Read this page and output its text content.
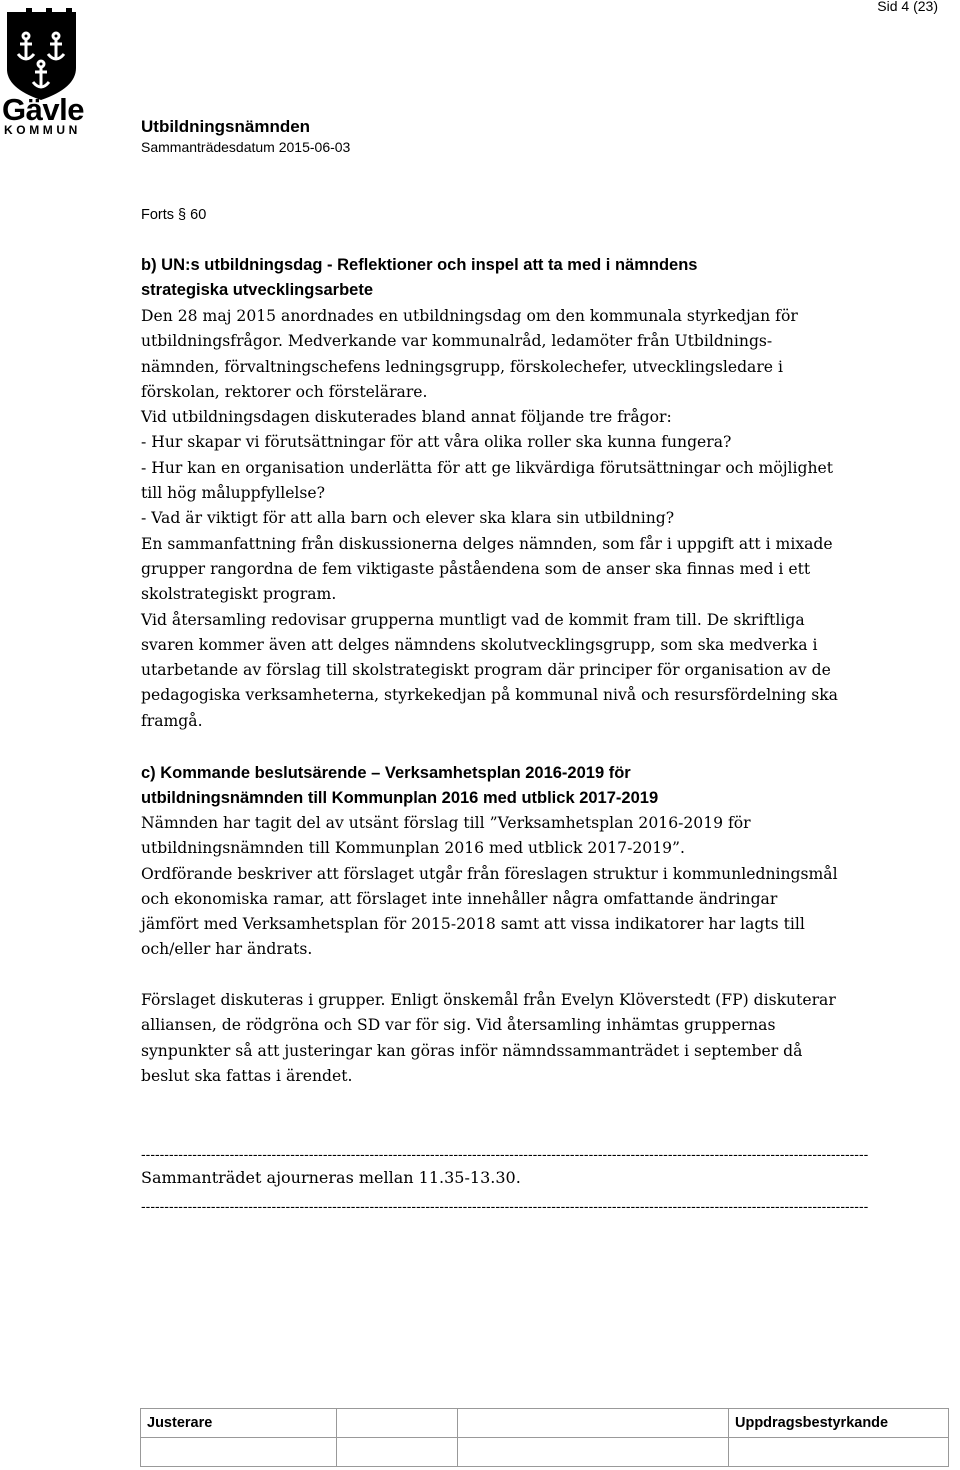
Sid 4 (23)
Gävle
KOMMUN	Utbildningsnämnden
Sammanträdesdatum 2015-06-03
Forts § 60
b) UN:s utbildningsdag - Reflektioner och inspel att ta med i nämndens
strategiska utvecklingsarbete

Den 28 maj 2015 anordnades en utbildningsdag om den kommunala styrkedjan för

utbildningsfrågor. Medverkande var kommunalråd, ledamöter från Utbildnings-

nämnden, förvaltningschefens ledningsgrupp, förskolechefer, utvecklingsledare i

förskolan, rektorer och förstelärare.

Vid utbildningsdagen diskuterades bland annat följande tre frågor:

- Hur skapar vi förutsättningar för att våra olika roller ska kunna fungera?

- Hur kan en organisation underlätta för att ge likvärdiga förutsättningar och möjlighet

till hög måluppfyllelse?

- Vad är viktigt för att alla barn och elever ska klara sin utbildning?

En sammanfattning från diskussionerna delges nämnden, som får i uppgift att i mixade

grupper rangordna de fem viktigaste påståendena som de anser ska finnas med i ett

skolstrategiskt program.

Vid återsamling redovisar grupperna muntligt vad de kommit fram till. De skriftliga

svaren kommer även att delges nämndens skolutvecklingsgrupp, som ska medverka i

utarbetande av förslag till skolstrategiskt program där principer för organisation av de

pedagogiska verksamheterna, styrkekedjan på kommunal nivå och resursfördelning ska

framgå.

c) Kommande beslutsärende – Verksamhetsplan 2016-2019 för
utbildningsnämnden till Kommunplan 2016 med utblick 2017-2019

Nämnden har tagit del av utsänt förslag till ”Verksamhetsplan 2016-2019 för

utbildningsnämnden till Kommunplan 2016 med utblick 2017-2019”.

Ordförande beskriver att förslaget utgår från föreslagen struktur i kommunledningsmål

och ekonomiska ramar, att förslaget inte innehåller några omfattande ändringar

jämfört med Verksamhetsplan för 2015-2018 samt att vissa indikatorer har lagts till

och/eller har ändrats.

Förslaget diskuteras i grupper. Enligt önskemål från Evelyn Klöverstedt (FP) diskuterar

alliansen, de rödgröna och SD var för sig. Vid återsamling inhämtas gruppernas

synpunkter så att justeringar kan göras inför nämndssammanträdet i september då

beslut ska fattas i ärendet.

------------------------------------------------------------------------------------------------------------------------------------------------------------
Sammanträdet ajourneras mellan 11.35-13.30.
------------------------------------------------------------------------------------------------------------------------------------------------------------
Justerare			Uppdragsbestyrkande
